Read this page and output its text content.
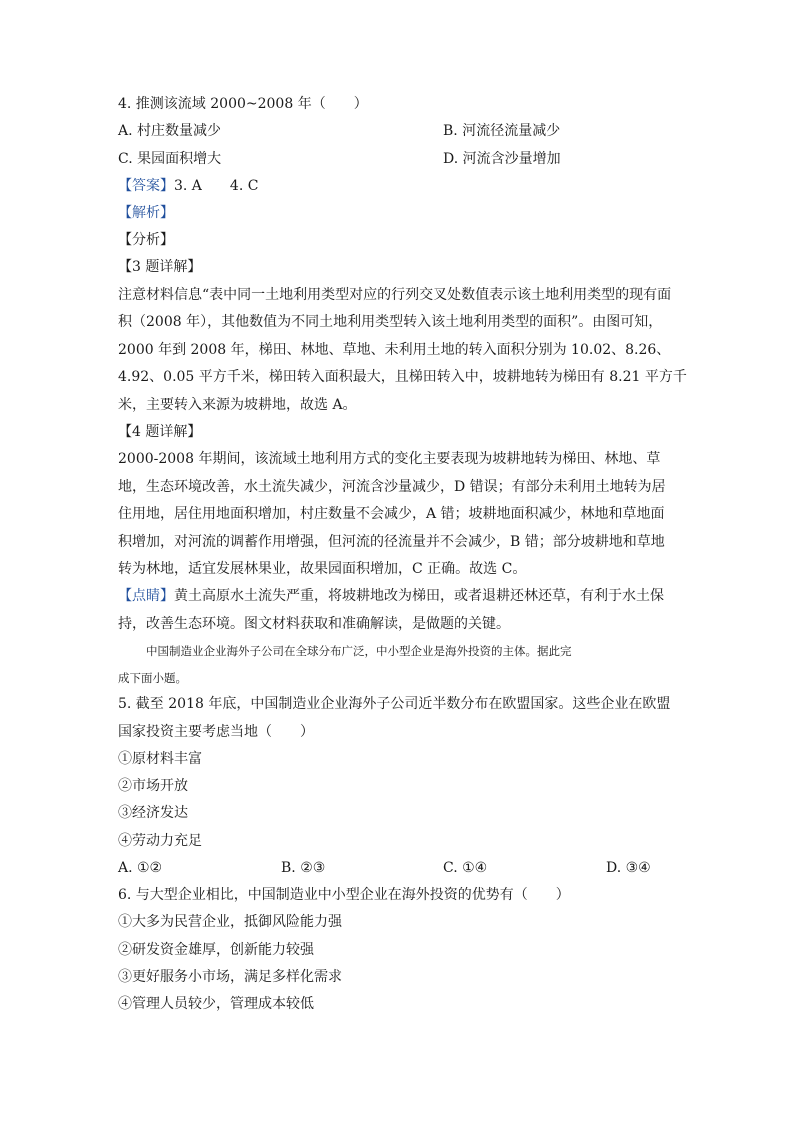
4. 推测该流域 2000~2008 年（　　）
A. 村庄数量减少	B. 河流径流量减少
C. 果园面积增大	D. 河流含沙量增加
【答案】3. A　　4. C
【解析】
【分析】
【3 题详解】
注意材料信息“表中同一土地利用类型对应的行列交叉处数值表示该土地利用类型的现有面
积（2008 年），其他数值为不同土地利用类型转入该土地利用类型的面积”。由图可知，
2000 年到 2008 年，梯田、林地、草地、未利用土地的转入面积分别为 10.02、8.26、
4.92、0.05 平方千米，梯田转入面积最大，且梯田转入中，坡耕地转为梯田有 8.21 平方千
米，主要转入来源为坡耕地，故选 A。
【4 题详解】
2000-2008 年期间，该流域土地利用方式的变化主要表现为坡耕地转为梯田、林地、草
地，生态环境改善，水土流失减少，河流含沙量减少，D 错误；有部分未利用土地转为居
住用地，居住用地面积增加，村庄数量不会减少，A 错；坡耕地面积减少，林地和草地面
积增加，对河流的调蓄作用增强，但河流的径流量并不会减少，B 错；部分坡耕地和草地
转为林地，适宜发展林果业，故果园面积增加，C 正确。故选 C。
【点睛】黄土高原水土流失严重，将坡耕地改为梯田，或者退耕还林还草，有利于水土保
持，改善生态环境。图文材料获取和准确解读，是做题的关键。
中国制造业企业海外子公司在全球分布广泛，中小型企业是海外投资的主体。据此完
成下面小题。
5. 截至 2018 年底，中国制造业企业海外子公司近半数分布在欧盟国家。这些企业在欧盟
国家投资主要考虑当地（　　）
①原材料丰富
②市场开放
③经济发达
④劳动力充足
A. ①②	B. ②③	C. ①④	D. ③④
6. 与大型企业相比，中国制造业中小型企业在海外投资的优势有（　　）
①大多为民营企业，抵御风险能力强
②研发资金雄厚，创新能力较强
③更好服务小市场，满足多样化需求
④管理人员较少，管理成本较低
